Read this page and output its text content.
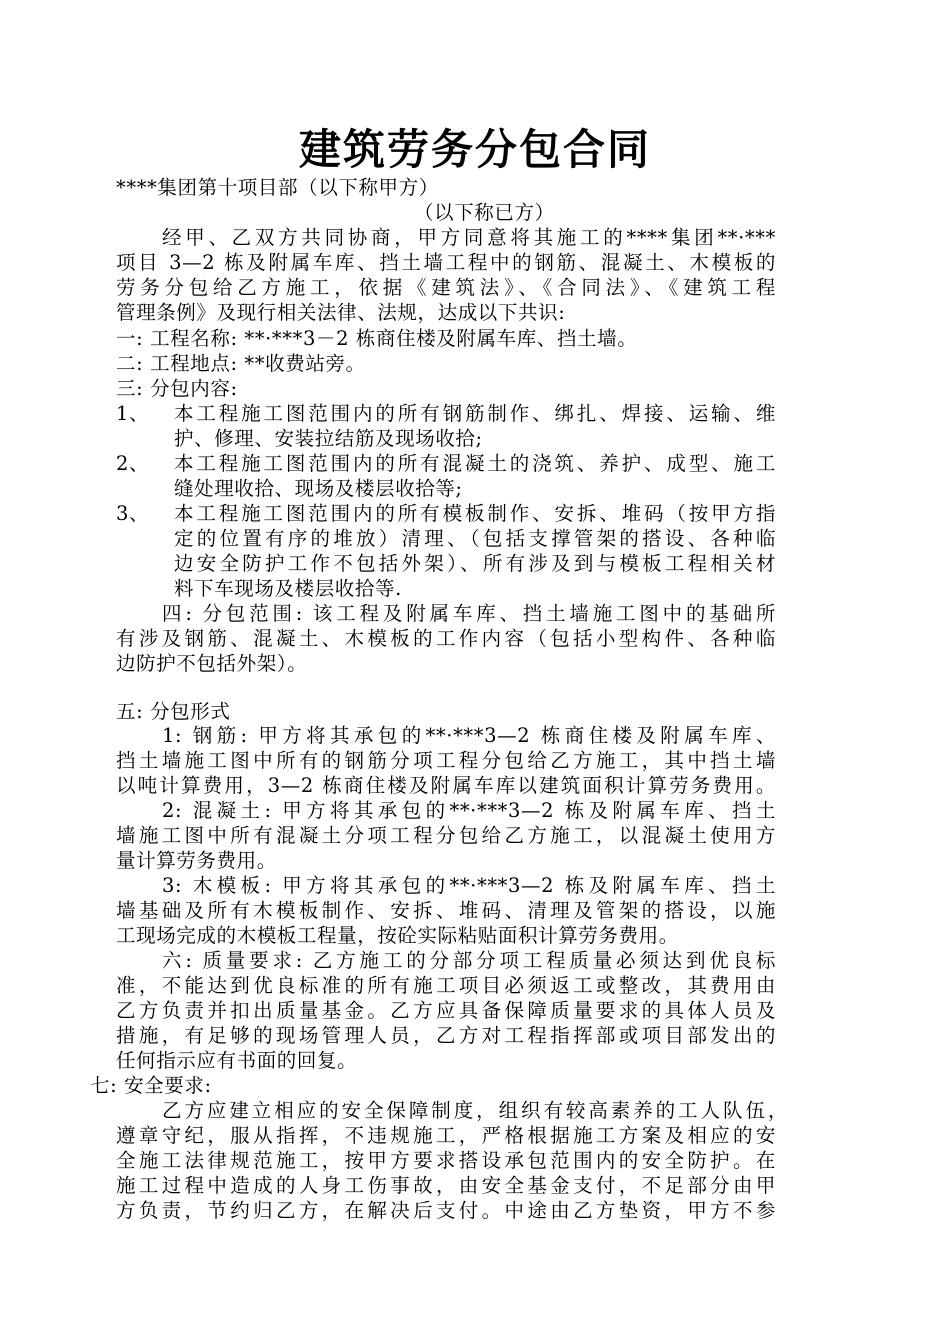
建筑劳务分包合同
****集团第十项目部（以下称甲方）
（以下称已方）
经甲、乙双方共同协商，甲方同意将其施工的****集团**·***
项目 3—2 栋及附属车库、挡土墙工程中的钢筋、混凝土、木模板的
劳务分包给乙方施工，依据《建筑法》、《合同法》、《建筑工程
管理条例》及现行相关法律、法规，达成以下共识:
一: 工程名称: **·***3－2 栋商住楼及附属车库、挡土墙。
二: 工程地点: **收费站旁。
三: 分包内容:
1、 本工程施工图范围内的所有钢筋制作、绑扎、焊接、运输、维
护、修理、安装拉结筋及现场收拾;
2、 本工程施工图范围内的所有混凝土的浇筑、养护、成型、施工
缝处理收拾、现场及楼层收拾等;
3、 本工程施工图范围内的所有模板制作、安拆、堆码（按甲方指
定的位置有序的堆放）清理、（包括支撑管架的搭设、各种临
边安全防护工作不包括外架）、所有涉及到与模板工程相关材
料下车现场及楼层收拾等.
四: 分包范围: 该工程及附属车库、挡土墙施工图中的基础所
有涉及钢筋、混凝土、木模板的工作内容（包括小型构件、各种临
边防护不包括外架）。
五: 分包形式
1: 钢筋: 甲方将其承包的**·***3—2 栋商住楼及附属车库、
挡土墙施工图中所有的钢筋分项工程分包给乙方施工，其中挡土墙
以吨计算费用，3—2 栋商住楼及附属车库以建筑面积计算劳务费用。
2: 混凝土: 甲方将其承包的**·***3—2 栋及附属车库、挡土
墙施工图中所有混凝土分项工程分包给乙方施工，以混凝土使用方
量计算劳务费用。
3: 木模板: 甲方将其承包的**·***3—2 栋及附属车库、挡土
墙基础及所有木模板制作、安拆、堆码、清理及管架的搭设，以施
工现场完成的木模板工程量，按砼实际粘贴面积计算劳务费用。
六: 质量要求: 乙方施工的分部分项工程质量必须达到优良标
准，不能达到优良标准的所有施工项目必须返工或整改，其费用由
乙方负责并扣出质量基金。乙方应具备保障质量要求的具体人员及
措施，有足够的现场管理人员，乙方对工程指挥部或项目部发出的
任何指示应有书面的回复。
七: 安全要求:
乙方应建立相应的安全保障制度，组织有较高素养的工人队伍，
遵章守纪，服从指挥，不违规施工，严格根据施工方案及相应的安
全施工法律规范施工，按甲方要求搭设承包范围内的安全防护。在
施工过程中造成的人身工伤事故，由安全基金支付，不足部分由甲
方负责，节约归乙方，在解决后支付。中途由乙方垫资，甲方不参
